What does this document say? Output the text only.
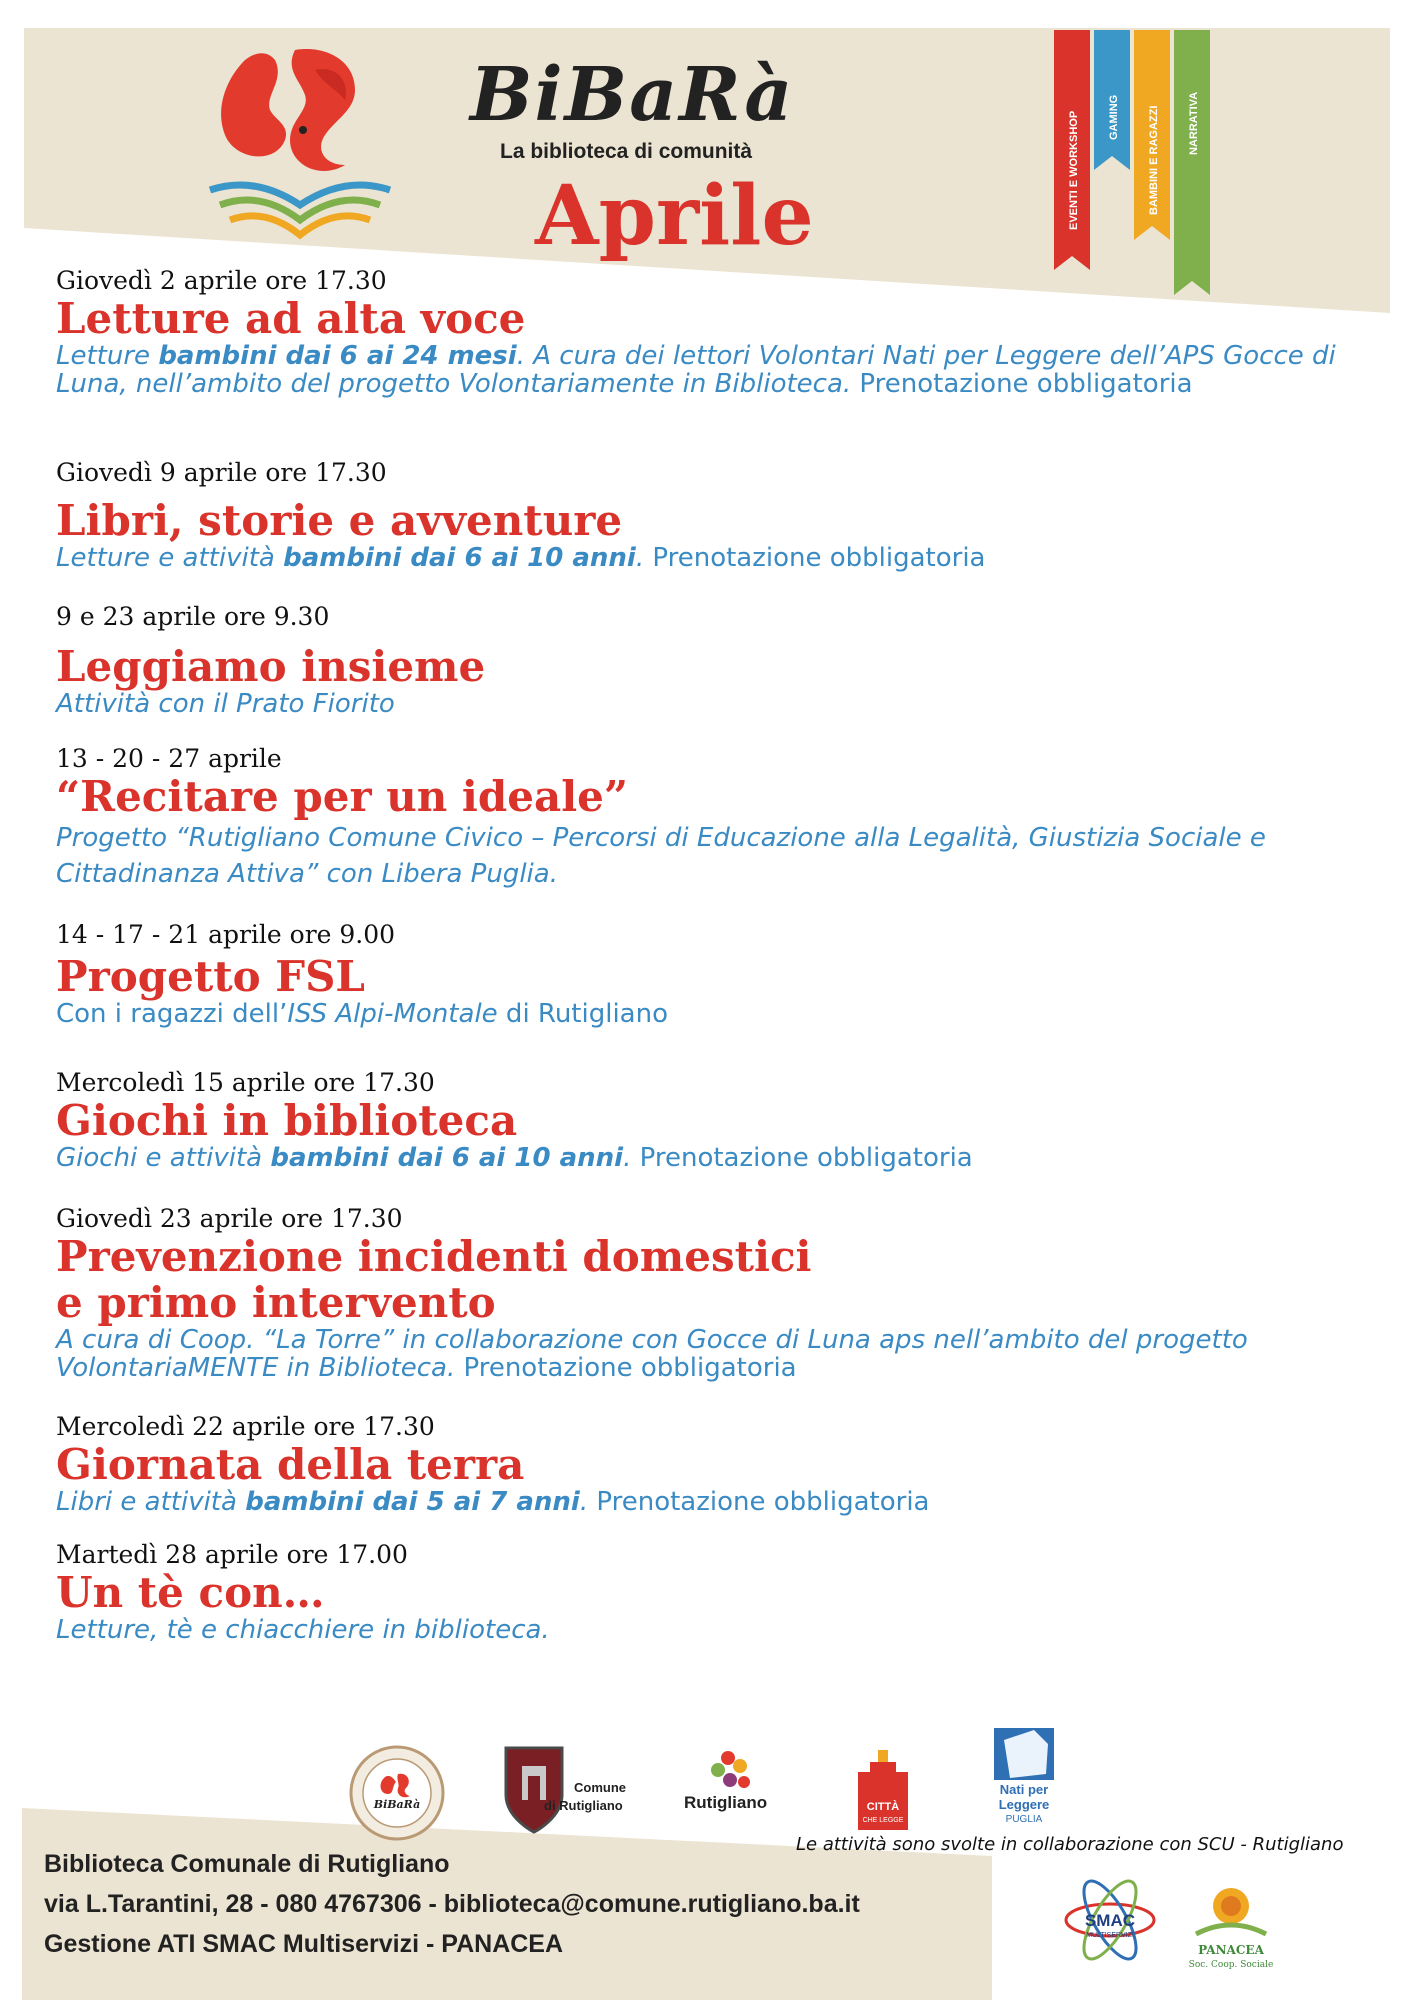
BiBaRà
La biblioteca di comunità
Aprile	EVENTI E WORKSHOP	GAMING	BAMBINI E RAGAZZI	NARRATIVA

Giovedì 2 aprile ore 17.30

Letture ad alta voce

Letture bambini dai 6 ai 24 mesi. A cura dei lettori Volontari Nati per Leggere dell’APS Gocce di Luna, nell’ambito del progetto Volontariamente in Biblioteca. Prenotazione obbligatoria

Giovedì 9 aprile ore 17.30

Libri, storie e avventure

Letture e attività bambini dai 6 ai 10 anni. Prenotazione obbligatoria

9 e 23 aprile ore 9.30

Leggiamo insieme

Attività con il Prato Fiorito

13 - 20 - 27 aprile

“Recitare per un ideale”

Progetto “Rutigliano Comune Civico – Percorsi di Educazione alla Legalità, Giustizia Sociale e Cittadinanza Attiva” con Libera Puglia.

14 - 17 - 21 aprile ore 9.00

Progetto FSL

Con i ragazzi dell’ISS Alpi-Montale di Rutigliano

Mercoledì 15 aprile ore 17.30

Giochi in biblioteca

Giochi e attività bambini dai 6 ai 10 anni. Prenotazione obbligatoria

Giovedì 23 aprile ore 17.30

Prevenzione incidenti domestici

e primo intervento

A cura di Coop. “La Torre” in collaborazione con Gocce di Luna aps nell’ambito del progetto VolontariaMENTE in Biblioteca. Prenotazione obbligatoria

Mercoledì 22 aprile ore 17.30

Giornata della terra

Libri e attività bambini dai 5 ai 7 anni. Prenotazione obbligatoria

Martedì 28 aprile ore 17.00

Un tè con…

Letture, tè e chiacchiere in biblioteca.

Biblioteca Comunale di Rutigliano
via L.Tarantini, 28 - 080 4767306 - biblioteca@comune.rutigliano.ba.it
Gestione ATI SMAC Multiservizi - PANACEA
BiBaRà
Comune
di Rutigliano	Rutigliano	CITTÀ
CHE LEGGE
Nati per
Leggere
PUGLIA
Le attività sono svolte in collaborazione con SCU - Rutigliano
SMAC
MULTISERVIZI
PANACEA
Soc. Coop. Sociale
